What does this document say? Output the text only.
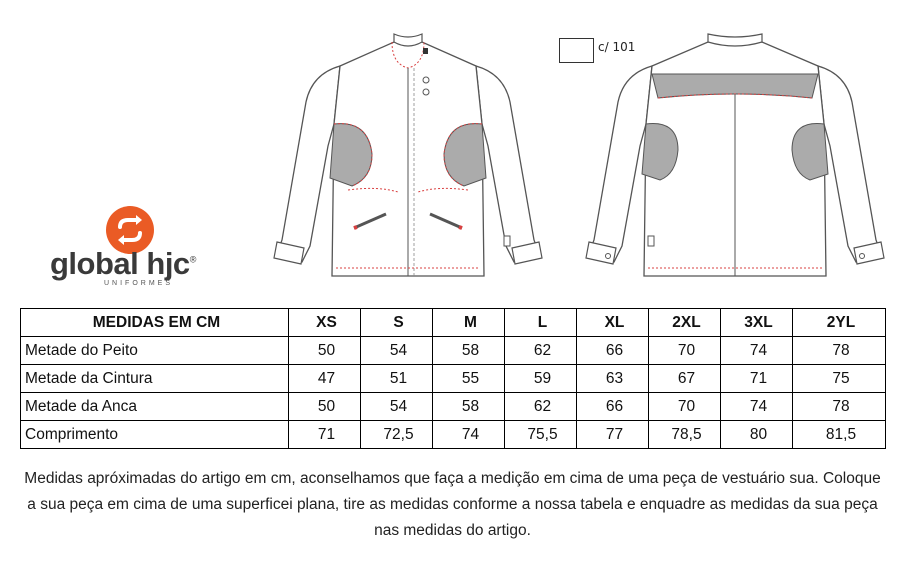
global hjc®
UNIFORMES
c/ 101
MEDIDAS EM CM	XS	S	M	L	XL	2XL	3XL	2YL
Metade do Peito	50	54	58	62	66	70	74	78
Metade da Cintura	47	51	55	59	63	67	71	75
Metade da Anca	50	54	58	62	66	70	74	78
Comprimento	71	72,5	74	75,5	77	78,5	80	81,5

Medidas apróximadas do artigo em cm, aconselhamos que faça a medição em cima de uma peça de vestuário sua. Coloque a sua peça em cima de uma superficei plana, tire as medidas conforme a nossa tabela e enquadre as medidas da sua peça nas medidas do artigo.
